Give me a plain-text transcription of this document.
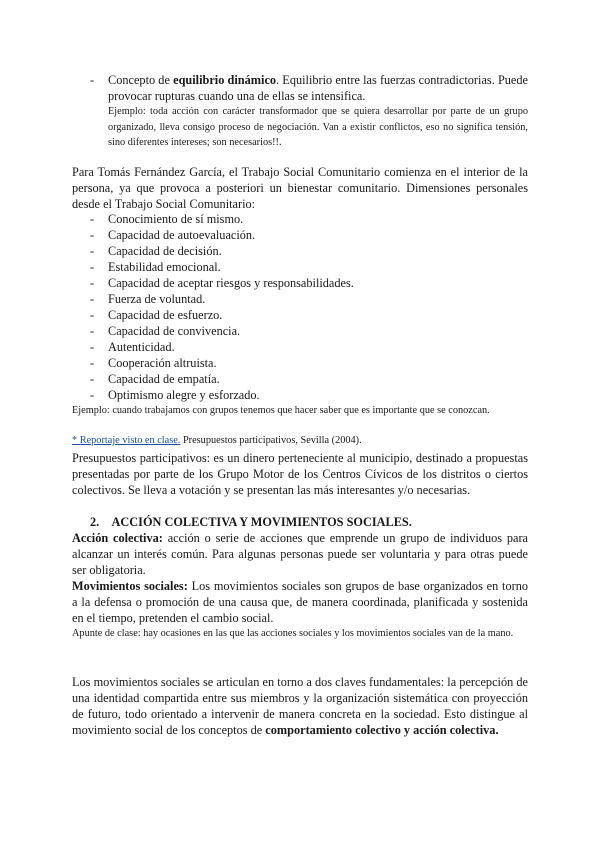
- Concepto de equilibrio dinámico. Equilibrio entre las fuerzas contradictorias. Puede provocar rupturas cuando una de ellas se intensifica.
Ejemplo: toda acción con carácter transformador que se quiera desarrollar por parte de un grupo organizado, lleva consigo proceso de negociación. Van a existir conflictos, eso no significa tensión, sino diferentes intereses; son necesarios!!.
Para Tomás Fernández García, el Trabajo Social Comunitario comienza en el interior de la persona, ya que provoca a posteriori un bienestar comunitario. Dimensiones personales desde el Trabajo Social Comunitario:
- Conocimiento de sí mismo.
- Capacidad de autoevaluación.
- Capacidad de decisión.
- Estabilidad emocional.
- Capacidad de aceptar riesgos y responsabilidades.
- Fuerza de voluntad.
- Capacidad de esfuerzo.
- Capacidad de convivencia.
- Autenticidad.
- Cooperación altruista.
- Capacidad de empatía.
- Optimismo alegre y esforzado.
Ejemplo: cuando trabajamos con grupos tenemos que hacer saber que es importante que se conozcan.
* Reportaje visto en clase. Presupuestos participativos, Sevilla (2004).
Presupuestos participativos: es un dinero perteneciente al municipio, destinado a propuestas presentadas por parte de los Grupo Motor de los Centros Cívicos de los distritos o ciertos colectivos. Se lleva a votación y se presentan las más interesantes y/o necesarias.
2. ACCIÓN COLECTIVA Y MOVIMIENTOS SOCIALES.
Acción colectiva: acción o serie de acciones que emprende un grupo de individuos para alcanzar un interés común. Para algunas personas puede ser voluntaria y para otras puede ser obligatoria.
Movimientos sociales: Los movimientos sociales son grupos de base organizados en torno a la defensa o promoción de una causa que, de manera coordinada, planificada y sostenida en el tiempo, pretenden el cambio social.
Apunte de clase: hay ocasiones en las que las acciones sociales y los movimientos sociales van de la mano.
Los movimientos sociales se articulan en torno a dos claves fundamentales: la percepción de una identidad compartida entre sus miembros y la organización sistemática con proyección de futuro, todo orientado a intervenir de manera concreta en la sociedad. Esto distingue al movimiento social de los conceptos de comportamiento colectivo y acción colectiva.
